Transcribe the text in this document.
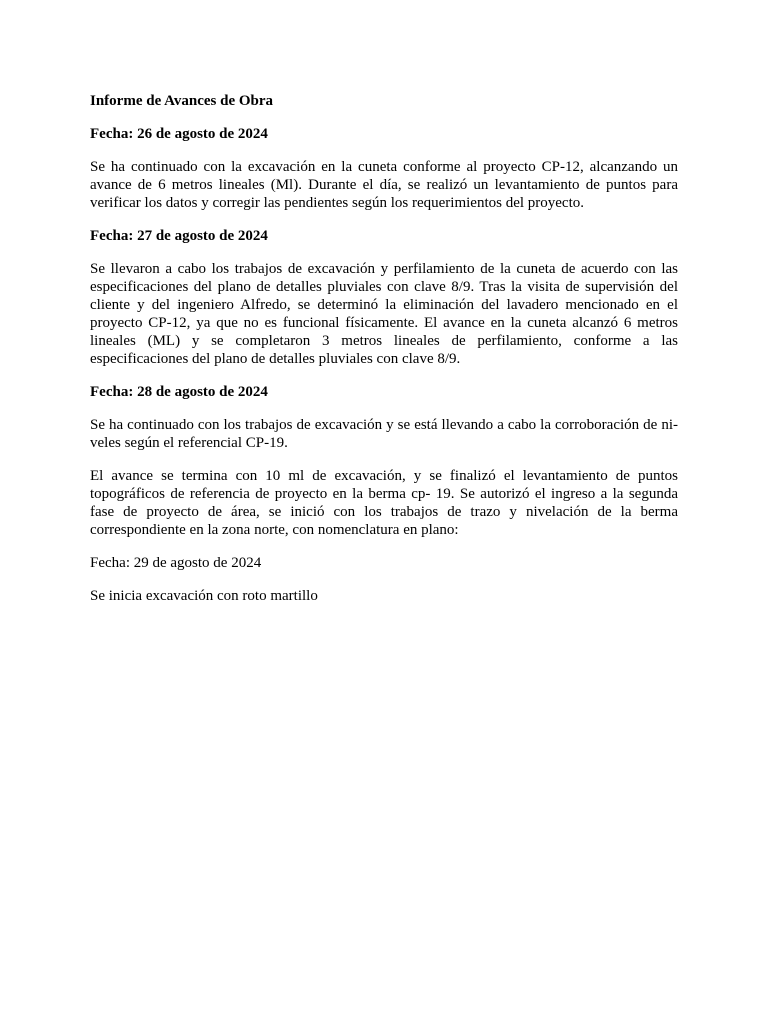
Informe de Avances de Obra

Fecha: 26 de agosto de 2024

Se ha continuado con la excavación en la cuneta conforme al proyecto CP-12, alcanzando un

avance de 6 metros lineales (Ml). Durante el día, se realizó un levantamiento de puntos para

verificar los datos y corregir las pendientes según los requerimientos del proyecto.

Fecha: 27 de agosto de 2024

Se llevaron a cabo los trabajos de excavación y perfilamiento de la cuneta de acuerdo con las

especificaciones del plano de detalles pluviales con clave 8/9. Tras la visita de supervisión del

cliente y del ingeniero Alfredo, se determinó la eliminación del lavadero mencionado en el

proyecto CP-12, ya que no es funcional físicamente. El avance en la cuneta alcanzó 6 metros

lineales (ML) y se completaron 3 metros lineales de perfilamiento, conforme a las

especificaciones del plano de detalles pluviales con clave 8/9.

Fecha: 28 de agosto de 2024

Se ha continuado con los trabajos de excavación y se está llevando a cabo la corroboración de ni-

veles según el referencial CP-19.

El avance se termina con 10 ml de excavación, y se finalizó el levantamiento de puntos

topográficos de referencia de proyecto en la berma cp- 19. Se autorizó el ingreso a la segunda

fase de proyecto de área, se inició con los trabajos de trazo y nivelación de la berma

correspondiente en la zona norte, con nomenclatura en plano:

Fecha: 29 de agosto de 2024

Se inicia excavación con roto martillo
